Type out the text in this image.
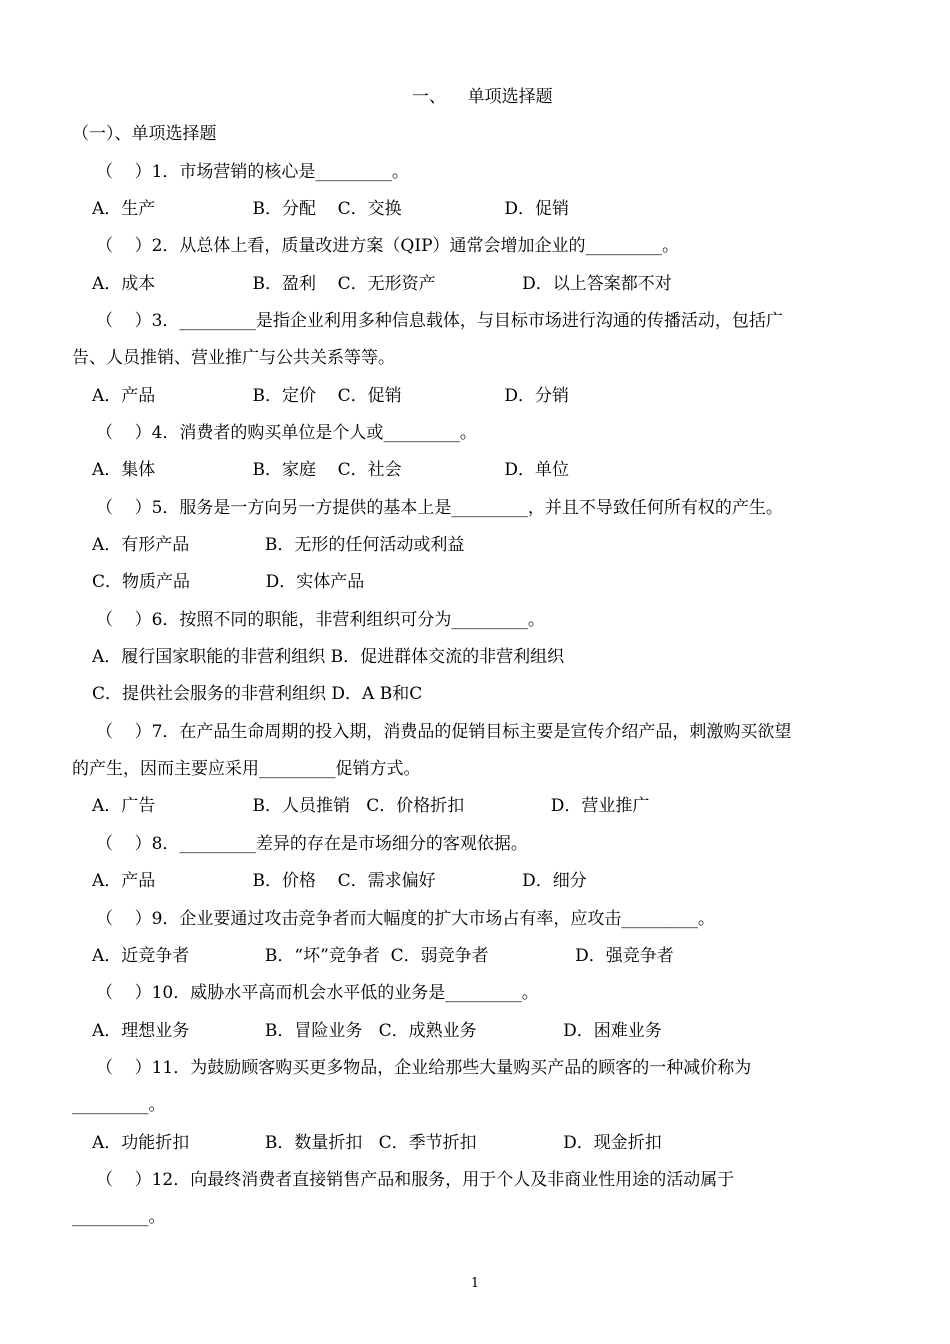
一、    单项选择题
（一）、单项选择题
（    ）1．市场营销的核心是_________。
A．生产                  B．分配    C．交换                   D．促销
（    ）2．从总体上看，质量改进方案（QIP）通常会增加企业的_________。
A．成本                  B．盈利    C．无形资产                D．以上答案都不对
（    ）3．_________是指企业利用多种信息载体，与目标市场进行沟通的传播活动，包括广
告、人员推销、营业推广与公共关系等等。
A．产品                  B．定价    C．促销                   D．分销
（    ）4．消费者的购买单位是个人或_________。
A．集体                  B．家庭    C．社会                   D．单位
（    ）5．服务是一方向另一方提供的基本上是_________，并且不导致任何所有权的产生。
A．有形产品              B．无形的任何活动或利益
C．物质产品              D．实体产品
（    ）6．按照不同的职能，非营利组织可分为_________。
A．履行国家职能的非营利组织 B．促进群体交流的非营利组织
C．提供社会服务的非营利组织 D．A B和C
（    ）7．在产品生命周期的投入期，消费品的促销目标主要是宣传介绍产品，刺激购买欲望
的产生，因而主要应采用_________促销方式。
A．广告                  B．人员推销   C．价格折扣                D．营业推广
（    ）8．_________差异的存在是市场细分的客观依据。
A．产品                  B．价格    C．需求偏好                D．细分
（    ）9．企业要通过攻击竞争者而大幅度的扩大市场占有率，应攻击_________。
A．近竞争者              B．“坏”竞争者  C．弱竞争者                D．强竞争者
（    ）10．威胁水平高而机会水平低的业务是_________。
A．理想业务              B．冒险业务   C．成熟业务                D．困难业务
（    ）11．为鼓励顾客购买更多物品，企业给那些大量购买产品的顾客的一种减价称为
_________。
A．功能折扣              B．数量折扣   C．季节折扣                D．现金折扣
（    ）12．向最终消费者直接销售产品和服务，用于个人及非商业性用途的活动属于
_________。
1
